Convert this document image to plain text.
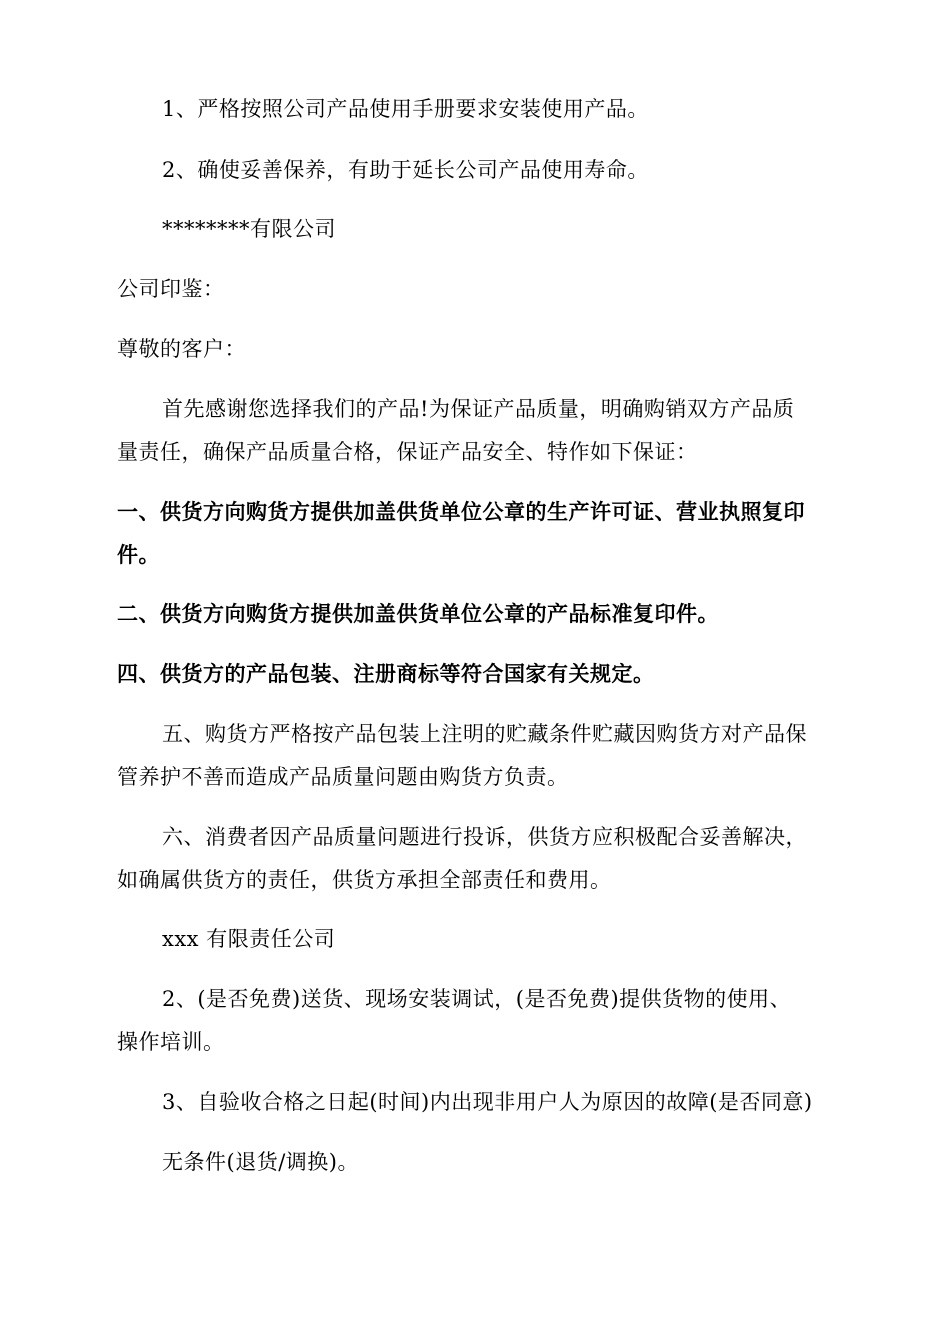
1、严格按照公司产品使用手册要求安装使用产品。
2、确使妥善保养，有助于延长公司产品使用寿命。
********有限公司
公司印鉴：
尊敬的客户：
首先感谢您选择我们的产品!为保证产品质量，明确购销双方产品质
量责任，确保产品质量合格，保证产品安全、特作如下保证：
一、供货方向购货方提供加盖供货单位公章的生产许可证、营业执照复印
件。
二、供货方向购货方提供加盖供货单位公章的产品标准复印件。
四、供货方的产品包装、注册商标等符合国家有关规定。
五、购货方严格按产品包装上注明的贮藏条件贮藏因购货方对产品保
管养护不善而造成产品质量问题由购货方负责。
六、消费者因产品质量问题进行投诉，供货方应积极配合妥善解决，
如确属供货方的责任，供货方承担全部责任和费用。
xxx 有限责任公司
2、(是否免费)送货、现场安装调试，(是否免费)提供货物的使用、
操作培训。
3、自验收合格之日起(时间)内出现非用户人为原因的故障(是否同意)
无条件(退货/调换)。
